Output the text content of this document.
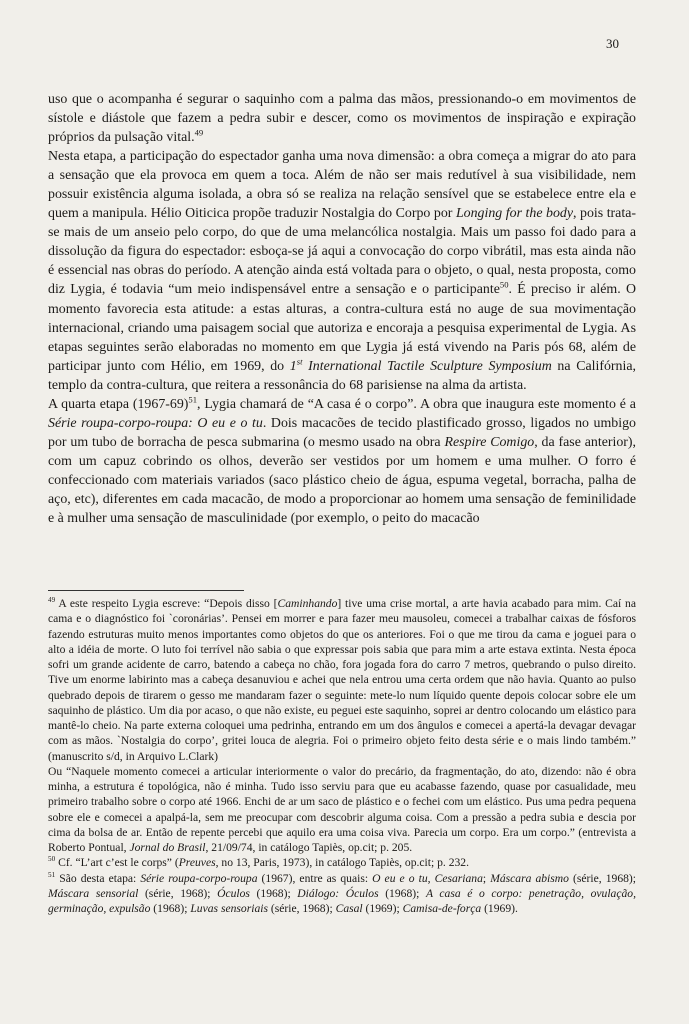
30

uso que o acompanha é segurar o saquinho com a palma das mãos, pressionando-o em movimentos de sístole e diástole que fazem a pedra subir e descer, como os movimentos de inspiração e expiração próprios da pulsação vital.$^{49}$

Nesta etapa, a participação do espectador ganha uma nova dimensão: a obra começa a migrar do ato para a sensação que ela provoca em quem a toca. Além de não ser mais redutível à sua visibilidade, nem possuir existência alguma isolada, a obra só se realiza na relação sensível que se estabelece entre ela e quem a manipula. Hélio Oiticica propõe traduzir Nostalgia do Corpo por Longing for the body, pois trata-se mais de um anseio pelo corpo, do que de uma melancólica nostalgia. Mais um passo foi dado para a dissolução da figura do espectador: esboça-se já aqui a convocação do corpo vibrátil, mas esta ainda não é essencial nas obras do período. A atenção ainda está voltada para o objeto, o qual, nesta proposta, como diz Lygia, é todavia “um meio indispensável entre a sensação e o participante$^{50}$. É preciso ir além. O momento favorecia esta atitude: a estas alturas, a contra-cultura está no auge de sua movimentação internacional, criando uma paisagem social que autoriza e encoraja a pesquisa experimental de Lygia. As etapas seguintes serão elaboradas no momento em que Lygia já está vivendo na Paris pós 68, além de participar junto com Hélio, em 1969, do 1st International Tactile Sculpture Symposium na Califórnia, templo da contra-cultura, que reitera a ressonância do 68 parisiense na alma da artista.

A quarta etapa (1967-69)$^{51}$, Lygia chamará de “A casa é o corpo”. A obra que inaugura este momento é a Série roupa-corpo-roupa: O eu e o tu. Dois macacões de tecido plastificado grosso, ligados no umbigo por um tubo de borracha de pesca submarina (o mesmo usado na obra Respire Comigo, da fase anterior), com um capuz cobrindo os olhos, deverão ser vestidos por um homem e uma mulher. O forro é confeccionado com materiais variados (saco plástico cheio de água, espuma vegetal, borracha, palha de aço, etc), diferentes em cada macacão, de modo a proporcionar ao homem uma sensação de feminilidade e à mulher uma sensação de masculinidade (por exemplo, o peito do macacão

$^{49}$ A este respeito Lygia escreve: “Depois disso [Caminhando] tive uma crise mortal, a arte havia acabado para mim. Caí na cama e o diagnóstico foi `coronárias’. Pensei em morrer e para fazer meu mausoleu, comecei a trabalhar caixas de fósforos fazendo estruturas muito menos importantes como objetos do que os anteriores. Foi o que me tirou da cama e joguei para o alto a idéia de morte. O luto foi terrível não sabia o que expressar pois sabia que para mim a arte estava extinta. Nesta época sofri um grande acidente de carro, batendo a cabeça no chão, fora jogada fora do carro 7 metros, quebrando o pulso direito. Tive um enorme labirinto mas a cabeça desanuviou e achei que nela entrou uma certa ordem que não havia. Quanto ao pulso quebrado depois de tirarem o gesso me mandaram fazer o seguinte: mete-lo num líquido quente depois colocar sobre ele um saquinho de plástico. Um dia por acaso, o que não existe, eu peguei este saquinho, soprei ar dentro colocando um elástico para mantê-lo cheio. Na parte externa coloquei uma pedrinha, entrando em um dos ângulos e comecei a apertá-la devagar devagar com as mãos. `Nostalgia do corpo’, gritei louca de alegria. Foi o primeiro objeto feito desta série e o mais lindo também.” (manuscrito s/d, in Arquivo L.Clark)

Ou “Naquele momento comecei a articular interiormente o valor do precário, da fragmentação, do ato, dizendo: não é obra minha, a estrutura é topológica, não é minha. Tudo isso serviu para que eu acabasse fazendo, quase por casualidade, meu primeiro trabalho sobre o corpo até 1966. Enchi de ar um saco de plástico e o fechei com um elástico. Pus uma pedra pequena sobre ele e comecei a apalpá-la, sem me preocupar com descobrir alguma coisa. Com a pressão a pedra subia e descia por cima da bolsa de ar. Então de repente percebi que aquilo era uma coisa viva. Parecia um corpo. Era um corpo.” (entrevista a Roberto Pontual, Jornal do Brasil, 21/09/74, in catálogo Tapiès, op.cit; p. 205.

$^{50}$ Cf. “L’art c’est le corps” (Preuves, no 13, Paris, 1973), in catálogo Tapiès, op.cit; p. 232.

$^{51}$ São desta etapa: Série roupa-corpo-roupa (1967), entre as quais: O eu e o tu, Cesariana; Máscara abismo (série, 1968); Máscara sensorial (série, 1968); Óculos (1968); Diálogo: Óculos (1968); A casa é o corpo: penetração, ovulação, germinação, expulsão (1968); Luvas sensoriais (série, 1968); Casal (1969); Camisa-de-força (1969).
